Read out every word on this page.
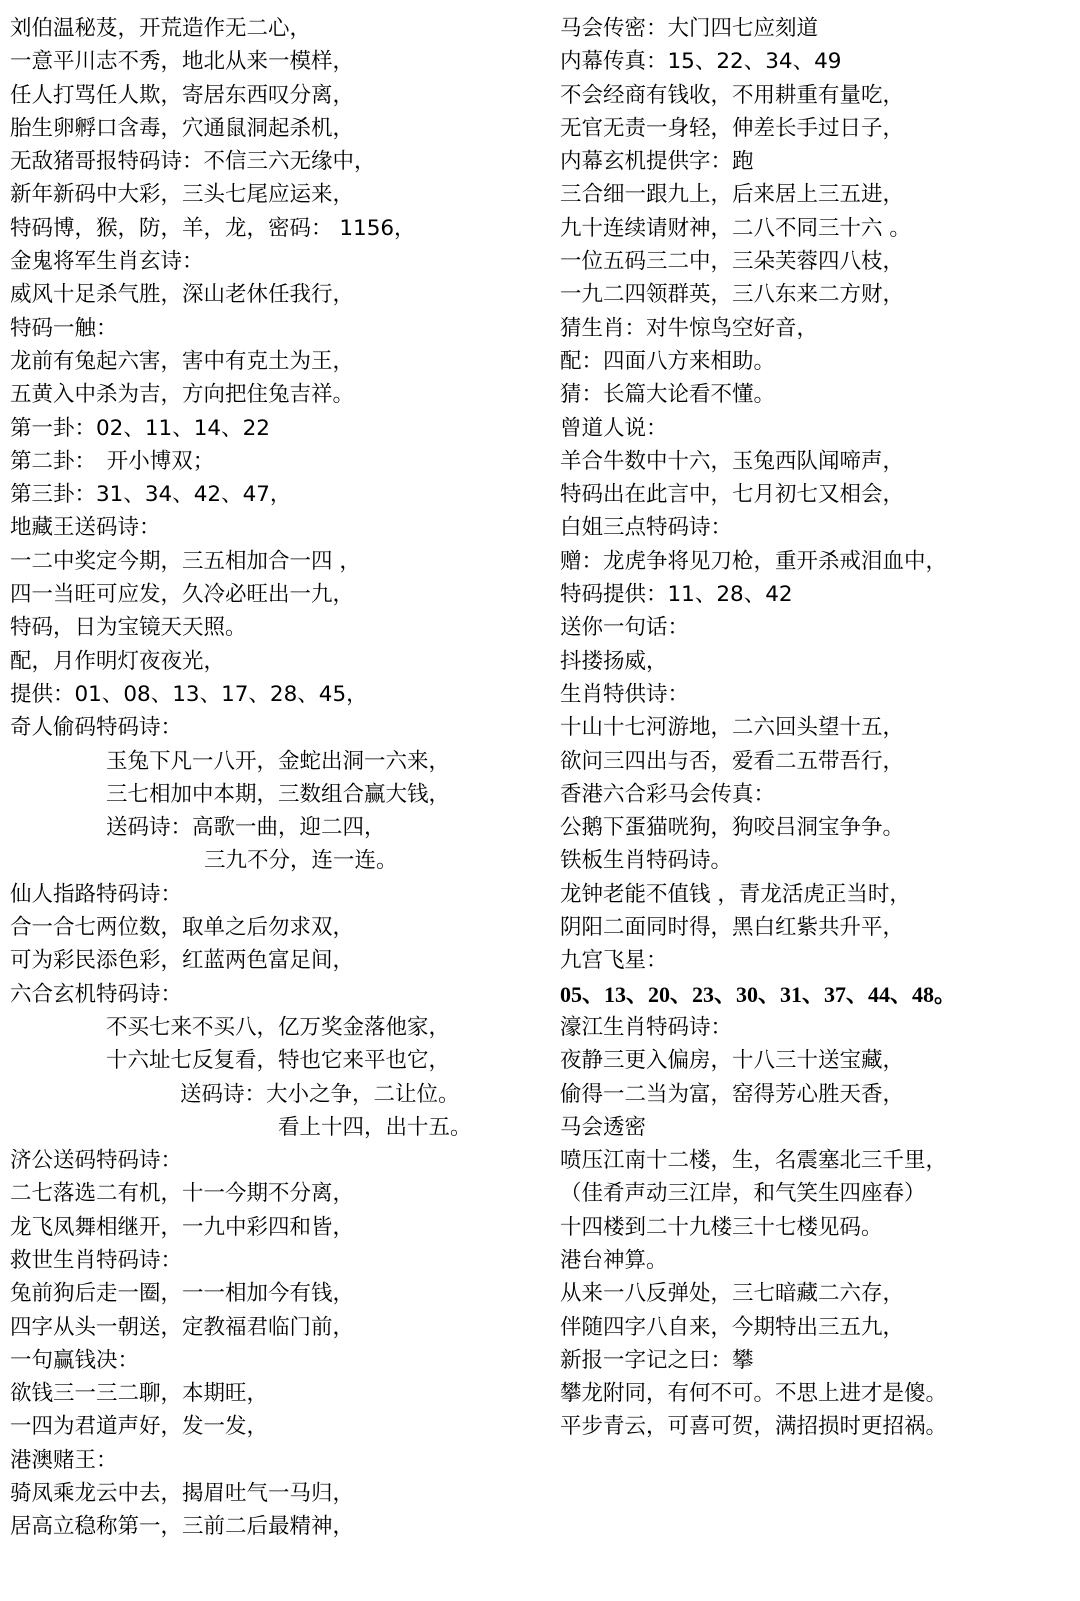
刘伯温秘芨，开荒造作无二心，
一意平川志不秀，地北从来一模样，
任人打骂任人欺，寄居东西叹分离，
胎生卵孵口含毒，穴通鼠洞起杀机，
无敌猪哥报特码诗：不信三六无缘中，
新年新码中大彩，三头七尾应运来，
特码博，猴，防，羊，龙，密码： 1156，
金鬼将军生肖玄诗：
威风十足杀气胜，深山老休任我行，
特码一触：
龙前有兔起六害，害中有克土为王，
五黄入中杀为吉，方向把住兔吉祥。
第一卦：02、11、14、22
第二卦：　开小博双；
第三卦：31、34、42、47，
地藏王送码诗：
一二中奖定今期，三五相加合一四 ，
四一当旺可应发，久冷必旺出一九，
特码，日为宝镜天天照。
配，月作明灯夜夜光，
提供：01、08、13、17、28、45，
奇人偷码特码诗：
玉兔下凡一八开，金蛇出洞一六来，
三七相加中本期，三数组合赢大钱，
送码诗：高歌一曲，迎二四，
三九不分，连一连。
仙人指路特码诗：
合一合七两位数，取单之后勿求双，
可为彩民添色彩，红蓝两色富足间，
六合玄机特码诗：
不买七来不买八，亿万奖金落他家，
十六址七反复看，特也它来平也它，
送码诗：大小之争，二让位。
看上十四，出十五。
济公送码特码诗：
二七落选二有机，十一今期不分离，
龙飞凤舞相继开，一九中彩四和皆，
救世生肖特码诗：
兔前狗后走一圈，一一相加今有钱，
四字从头一朝送，定教福君临门前，
一句赢钱决：
欲钱三一三二聊，本期旺，
一四为君道声好，发一发，
港澳赌王：
骑凤乘龙云中去，揭眉吐气一马归，
居高立稳称第一，三前二后最精神，
马会传密：大门四七应刻道
内幕传真：15、22、34、49
不会经商有钱收，不用耕重有量吃，
无官无责一身轻，伸差长手过日子，
内幕玄机提供字：跑
三合细一跟九上，后来居上三五进，
九十连续请财神，二八不同三十六 。
一位五码三二中，三朵芙蓉四八枝，
一九二四领群英，三八东来二方财，
猜生肖：对牛惊鸟空好音，
配：四面八方来相助。
猜：长篇大论看不懂。
曾道人说：
羊合牛数中十六，玉兔西队闻啼声，
特码出在此言中，七月初七又相会，
白姐三点特码诗：
赠：龙虎争将见刀枪，重开杀戒泪血中，
特码提供：11、28、42
送你一句话：
抖搂扬威，
生肖特供诗：
十山十七河游地，二六回头望十五，
欲问三四出与否，爱看二五带吾行，
香港六合彩马会传真：
公鹅下蛋猫咣狗，狗咬吕洞宝争争。
铁板生肖特码诗。
龙钟老能不值钱 ，青龙活虎正当时，
阴阳二面同时得，黑白红紫共升平，
九宫飞星：
05、13、20、23、30、31、37、44、48。
濠江生肖特码诗：
夜静三更入偏房，十八三十送宝藏，
偷得一二当为富，窑得芳心胜天香，
马会透密
喷压江南十二楼，生，名震塞北三千里，
（佳肴声动三江岸，和气笑生四座春）
十四楼到二十九楼三十七楼见码。
港台神算。
从来一八反弹处，三七暗藏二六存，
伴随四字八自来，今期特出三五九，
新报一字记之曰：攀
攀龙附同，有何不可。不思上进才是傻。
平步青云，可喜可贺，满招损时更招祸。
